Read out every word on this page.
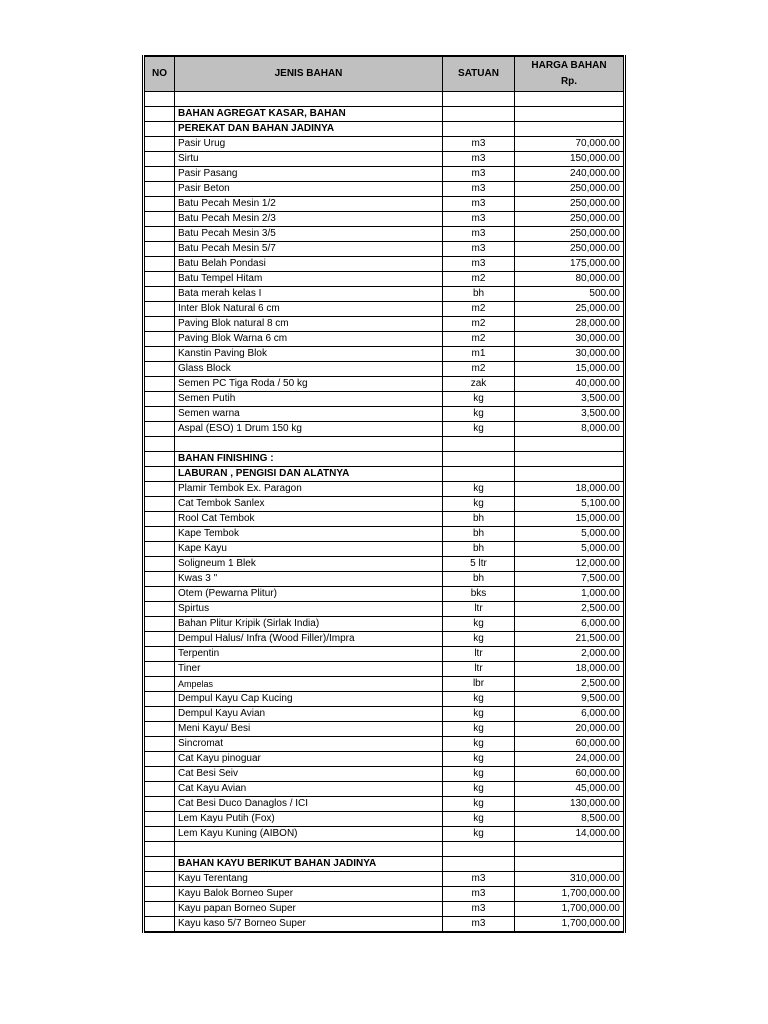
NO	JENIS BAHAN	SATUAN	HARGA BAHAN
Rp.

	BAHAN AGREGAT KASAR, BAHAN		
	PEREKAT DAN BAHAN JADINYA		
	Pasir Urug	m3	70,000.00
	Sirtu	m3	150,000.00
	Pasir Pasang	m3	240,000.00
	Pasir Beton	m3	250,000.00
	Batu Pecah Mesin 1/2	m3	250,000.00
	Batu Pecah Mesin 2/3	m3	250,000.00
	Batu Pecah Mesin 3/5	m3	250,000.00
	Batu Pecah Mesin 5/7	m3	250,000.00
	Batu Belah Pondasi	m3	175,000.00
	Batu Tempel Hitam	m2	80,000.00
	Bata merah kelas I	bh	500.00
	Inter Blok Natural 6 cm	m2	25,000.00
	Paving Blok natural 8 cm	m2	28,000.00
	Paving Blok Warna 6 cm	m2	30,000.00
	Kanstin Paving Blok	m1	30,000.00
	Glass Block	m2	15,000.00
	Semen PC Tiga Roda / 50 kg	zak	40,000.00
	Semen Putih	kg	3,500.00
	Semen warna	kg	3,500.00
	Aspal (ESO) 1 Drum 150 kg	kg	8,000.00

	BAHAN FINISHING :		
	LABURAN , PENGISI DAN ALATNYA		
	Plamir Tembok Ex. Paragon	kg	18,000.00
	Cat Tembok Sanlex	kg	5,100.00
	Rool Cat Tembok	bh	15,000.00
	Kape Tembok	bh	5,000.00
	Kape Kayu	bh	5,000.00
	Soligneum 1 Blek	5 ltr	12,000.00
	Kwas 3 "	bh	7,500.00
	Otem (Pewarna Plitur)	bks	1,000.00
	Spirtus	ltr	2,500.00
	Bahan Plitur Kripik (Sirlak India)	kg	6,000.00
	Dempul Halus/ Infra (Wood Filler)/Impra	kg	21,500.00
	Terpentin	ltr	2,000.00
	Tiner	ltr	18,000.00
	Ampelas	lbr	2,500.00
	Dempul Kayu Cap Kucing	kg	9,500.00
	Dempul Kayu Avian	kg	6,000.00
	Meni Kayu/ Besi	kg	20,000.00
	Sincromat	kg	60,000.00
	Cat Kayu pinoguar	kg	24,000.00
	Cat Besi Seiv	kg	60,000.00
	Cat Kayu Avian	kg	45,000.00
	Cat Besi Duco Danaglos / ICI	kg	130,000.00
	Lem Kayu Putih (Fox)	kg	8,500.00
	Lem Kayu Kuning (AIBON)	kg	14,000.00

	BAHAN KAYU BERIKUT BAHAN JADINYA		
	Kayu Terentang	m3	310,000.00
	Kayu Balok Borneo Super	m3	1,700,000.00
	Kayu papan Borneo Super	m3	1,700,000.00
	Kayu kaso 5/7 Borneo Super	m3	1,700,000.00
